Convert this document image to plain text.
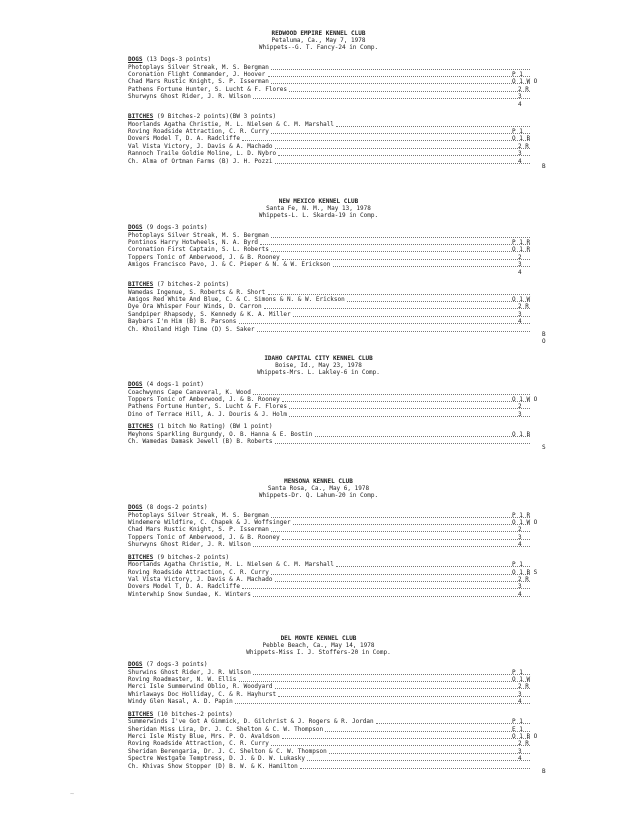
REDWOOD EMPIRE KENNEL CLUB
Petaluma, Ca., May 7, 1978
Whippets--G. T. Fancy-24 in Comp.
DOGS (13 Dogs-3 points)
Photoplays Silver Streak, M. S. Bergman
Coronation Flight Commander, J. Hoover	P 1
Chad Mars Rustic Knight, S. P. Isserman	O 1 W O
Pathens Fortune Hunter, S. Lucht & F. Flores	2 R
Shurwyns Ghost Rider, J. R. Wilson	3
4
BITCHES (9 Bitches-2 points)(BW 3 points)
Moorlands Agatha Christie, M. L. Nielsen & C. M. Marshall
Roving Roadside Attraction, C. R. Curry	P 1
Dovers Model T, D. A. Radcliffe	O 1 B
Val Vista Victory, J. Davis & A. Machado	2 R
Rannoch Traile Goldie Moline, L. D. Nybro	3
Ch. Alma of Ortman Farms (B) J. H. Pozzi	4
B
NEW MEXICO KENNEL CLUB
Santa Fe, N. M., May 13, 1978
Whippets-L. L. Skarda-19 in Comp.
DOGS (9 dogs-3 points)
Photoplays Silver Streak, M. S. Bergman
Pontinos Harry Hotwheels, N. A. Byrd	P 1 R
Coronation First Captain, S. L. Roberts	O 1 R
Toppers Tonic of Amberwood, J. & B. Rooney	2
Amigos Francisco Pavo, J. & C. Pieper & N. & W. Erickson	3
4
BITCHES (7 bitches-2 points)
Wamedas Ingenue, S. Roberts & R. Short
Amigos Red White And Blue, C. & C. Simons & N. & W. Erickson	O 1 W
Dye Ora Whisper Four Winds, D. Carron	2 R
Sandpiper Rhapsody, S. Kennedy & K. A. Miller	3
Baybars I'm Him (B) B. Parsons	4
Ch. Khoiland High Time (D) S. Saker
B
O
IDAHO CAPITAL CITY KENNEL CLUB
Boise, Id., May 23, 1978
Whippets-Mrs. L. Lakley-6 in Comp.
DOGS (4 dogs-1 point)
Coachwynns Cape Canaveral, K. Wood
Toppers Tonic of Amberwood, J. & B. Rooney	O 1 W O
Pathens Fortune Hunter, S. Lucht & F. Flores	2
Dino of Terrace Hill, A. J. Douris & J. Holm	3
BITCHES (1 bitch No Rating) (BW 1 point)
Meyhons Sparkling Burgundy, O. B. Hanna & E. Bostin	O 1 B
Ch. Wamedas Damask Jewell (B) B. Roberts
S
MENSONA KENNEL CLUB
Santa Rosa, Ca., May 6, 1978
Whippets-Dr. Q. Lahum-20 in Comp.
DOGS (8 dogs-2 points)
Photoplays Silver Streak, M. S. Bergman	P 1 R
Windemere Wildfire, C. Chapek & J. Woffsinger	O 1 W O
Chad Mars Rustic Knight, S. P. Isserman	2
Toppers Tonic of Amberwood, J. & B. Rooney	3
Shurwyns Ghost Rider, J. R. Wilson	4
BITCHES (9 bitches-2 points)
Moorlands Agatha Christie, M. L. Nielsen & C. M. Marshall	P 1
Roving Roadside Attraction, C. R. Curry	O 1 B S
Val Vista Victory, J. Davis & A. Machado	2 R
Dovers Model T, D. A. Radcliffe	3
Winterwhip Snow Sundae, K. Winters	4
DEL MONTE KENNEL CLUB
Pebble Beach, Ca., May 14, 1978
Whippets-Miss I. J. Stoffers-20 in Comp.
DOGS (7 dogs-3 points)
Shurwins Ghost Rider, J. R. Wilson	P 1
Roving Roadmaster, N. W. Ellis	O 1 W
Merci Isle Summerwind Oblio, R. Woodyard	2 R
Whirlaways Doc Holliday, C. & R. Hayhurst	3
Windy Glen Nasal, A. D. Papin	4
BITCHES (10 bitches-2 points)
Summerwinds I've Got A Gimmick, D. Gilchrist & J. Rogers & R. Jordan	P 1
Sheridan Miss Lira, Dr. J. C. Shelton & C. W. Thompson	E 1
Merci Isle Misty Blue, Mrs. P. O. Avaldson	O 1 B O
Roving Roadside Attraction, C. R. Curry	2 R
Sheridan Berengaria, Dr. J. C. Shelton & C. W. Thompson	3
Spectre Westgate Temptress, D. J. & D. W. Lukasky	4
Ch. Khivas Show Stopper (D) B. W. & K. Hamilton
B
~
